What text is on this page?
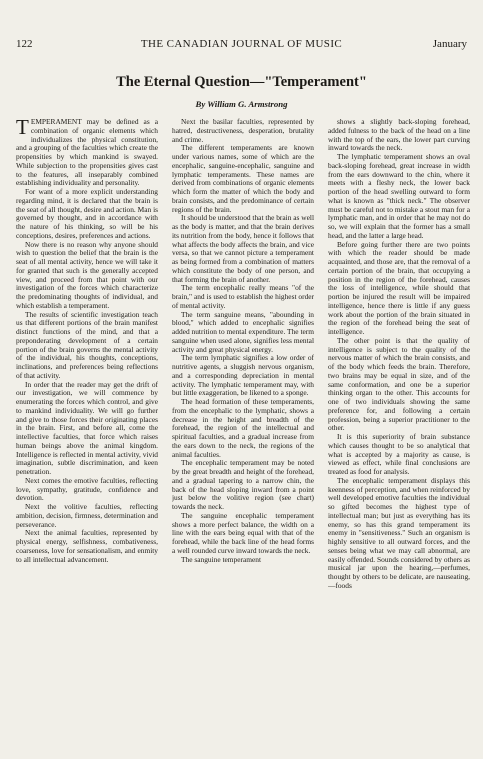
122	THE CANADIAN JOURNAL OF MUSIC	January
The Eternal Question—"Temperament"
By William G. Armstrong

TEMPERAMENT may be defined as a combination of organic elements which individualizes the physical constitution, and a grouping of the faculties which create the propensities by which mankind is swayed. While subjection to the propensities gives cast to the features, all inseparably combined establishing individuality and personality.

For want of a more explicit understanding regarding mind, it is declared that the brain is the seat of all thought, desire and action. Man is governed by thought, and in accordance with the nature of his thinking, so will be his conceptions, desires, preferences and actions.

Now there is no reason why anyone should wish to question the belief that the brain is the seat of all mental activity, hence we will take it for granted that such is the generally accepted view, and proceed from that point with our investigation of the forces which characterize the predominating thoughts of individual, and which establish a temperament.

The results of scientific investigation teach us that different portions of the brain manifest distinct functions of the mind, and that a preponderating development of a certain portion of the brain governs the mental activity of the individual, his thoughts, conceptions, inclinations, and preferences being reflections of that activity.

In order that the reader may get the drift of our investigation, we will commence by enumerating the forces which control, and give to mankind individuality. We will go further and give to those forces their originating places in the brain. First, and before all, come the intellective faculties, that force which raises human beings above the animal kingdom. Intelligence is reflected in mental activity, vivid imagination, subtle discrimination, and keen penetration.

Next comes the emotive faculties, reflecting love, sympathy, gratitude, confidence and devotion.

Next the volitive faculties, reflecting ambition, decision, firmness, determination and perseverance.

Next the animal faculties, represented by physical energy, selfishness, combativeness, coarseness, love for sensationalism, and enmity to all intellectual advancement.

Next the basilar faculties, represented by hatred, destructiveness, desperation, brutality and crime.

The different temperaments are known under various names, some of which are the encephalic, sanguine-encephalic, sanguine and lymphatic temperaments. These names are derived from combinations of organic elements which form the matter of which the body and brain consists, and the predominance of certain regions of the brain.

It should be understood that the brain as well as the body is matter, and that the brain derives its nutrition from the body, hence it follows that what affects the body affects the brain, and vice versa, so that we cannot picture a temperament as being formed from a combination of matters which constitute the body of one person, and that forming the brain of another.

The term encephalic really means "of the brain," and is used to establish the highest order of mental activity.

The term sanguine means, "abounding in blood," which added to encephalic signifies added nutrition to mental expenditure. The term sanguine when used alone, signifies less mental activity and great physical energy.

The term lymphatic signifies a low order of nutritive agents, a sluggish nervous organism, and a corresponding depreciation in mental activity. The lymphatic temperament may, with but little exaggeration, be likened to a sponge.

The head formation of these temperaments, from the encephalic to the lymphatic, shows a decrease in the height and breadth of the forehead, the region of the intellectual and spiritual faculties, and a gradual increase from the ears down to the neck, the regions of the animal faculties.

The encephalic temperament may be noted by the great breadth and height of the forehead, and a gradual tapering to a narrow chin, the back of the head sloping inward from a point just below the volitive region (see chart) towards the neck.

The sanguine encephalic temperament shows a more perfect balance, the width on a line with the ears being equal with that of the forehead, while the back line of the head forms a well rounded curve inward towards the neck.

The sanguine temperament

shows a slightly back-sloping forehead, added fulness to the back of the head on a line with the top of the ears, the lower part curving inward towards the neck.

The lymphatic temperament shows an oval back-sloping forehead, great increase in width from the ears downward to the chin, where it meets with a fleshy neck, the lower back portion of the head swelling outward to form what is known as "thick neck." The observer must be careful not to mistake a stout man for a lymphatic man, and in order that he may not do so, we will explain that the former has a small head, and the latter a large head.

Before going further there are two points with which the reader should be made acquainted, and those are, that the removal of a certain portion of the brain, that occupying a position in the region of the forehead, causes the loss of intelligence, while should that portion be injured the result will be impaired intelligence, hence there is little if any guess work about the portion of the brain situated in the region of the forehead being the seat of intelligence.

The other point is that the quality of intelligence is subject to the quality of the nervous matter of which the brain consists, and of the body which feeds the brain. Therefore, two brains may be equal in size, and of the same conformation, and one be a superior thinking organ to the other. This accounts for one of two individuals showing the same preference for, and following a certain profession, being a superior practitioner to the other.

It is this superiority of brain substance which causes thought to be so analytical that what is accepted by a majority as cause, is viewed as effect, while final conclusions are treated as food for analysis.

The encephalic temperament displays this keenness of perception, and when reinforced by well developed emotive faculties the individual so gifted becomes the highest type of intellectual man; but just as everything has its enemy, so has this grand temperament its enemy in "sensitiveness." Such an organism is highly sensitive to all outward forces, and the senses being what we may call abnormal, are easily offended. Sounds considered by others as musical jar upon the hearing,—perfumes, thought by others to be delicate, are nauseating,—foods
